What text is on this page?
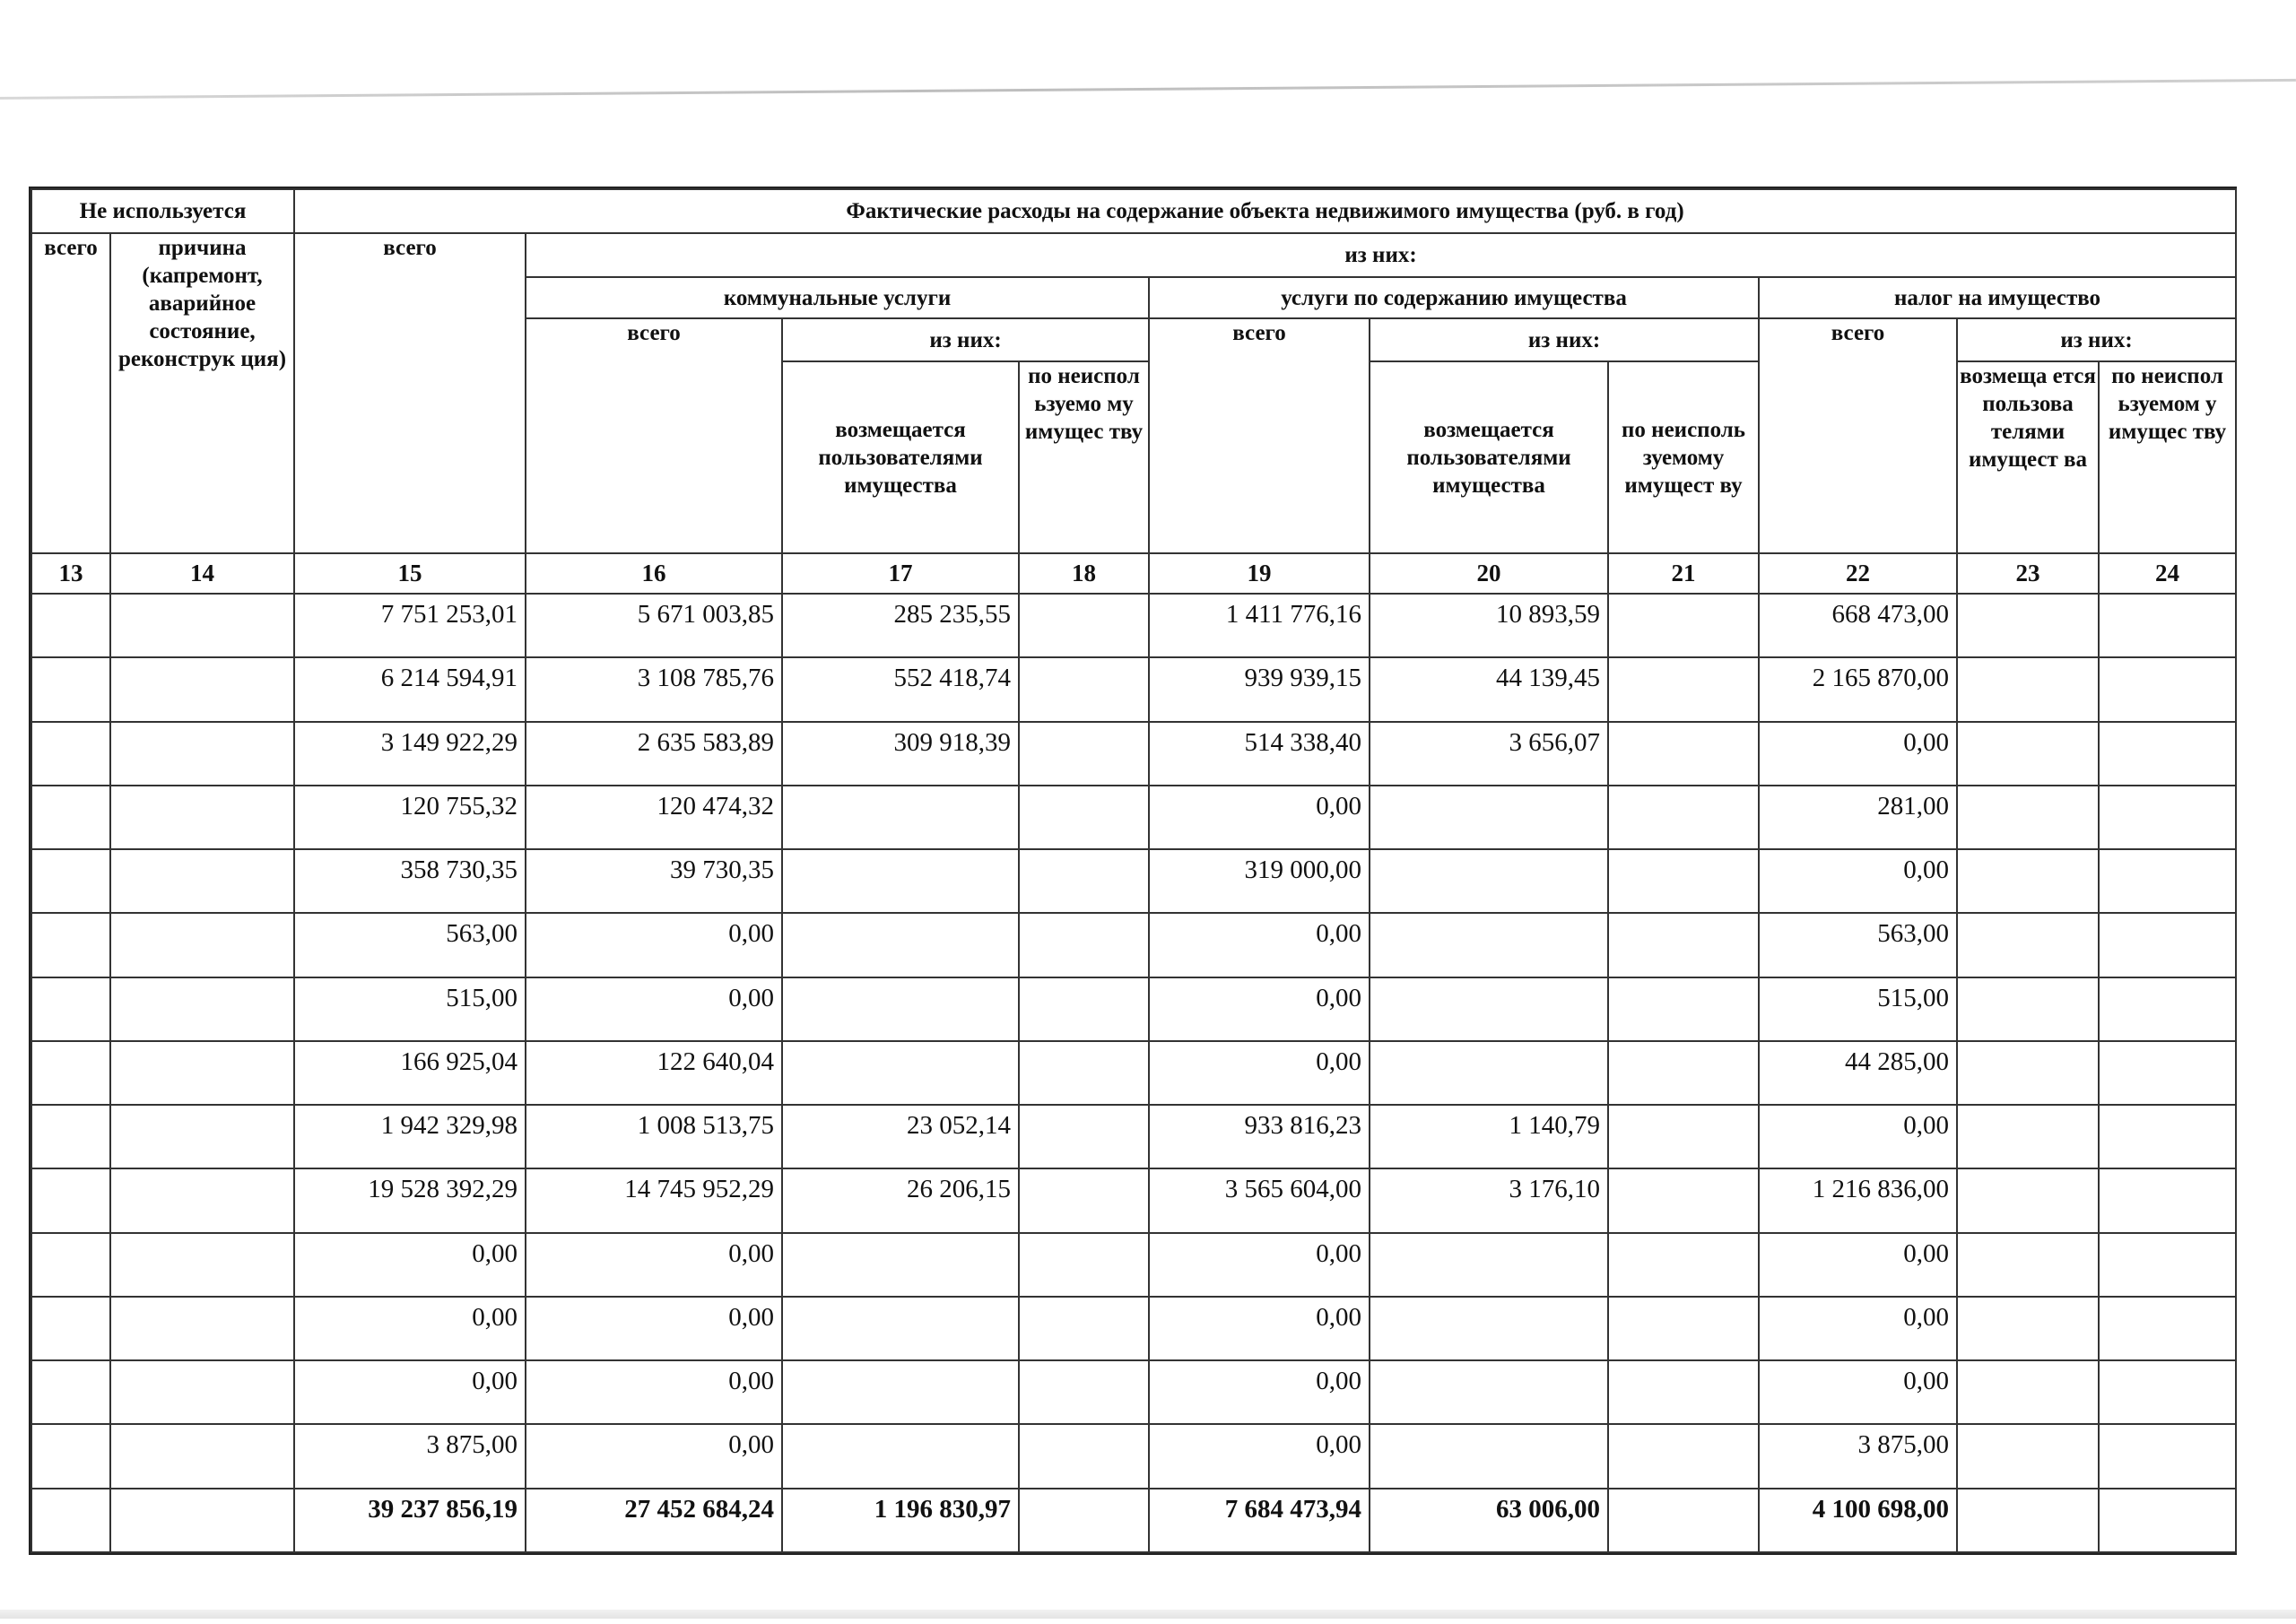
Не используется		Фактические расходы на содержание объекта недвижимого имущества (руб. в год)									
всего	причина (капремонт, аварийное состояние, реконструк ция)	всего	из них:								
			коммунальные услуги			услуги по содержанию имущества			налог на имущество		
			всего	из них:		всего	из них:		всего	из них:	
				возмещается пользователями имущества	по неиспол ьзуемо му имущес тву		возмещается пользователями имущества	по неисполь зуемому имущест ву		возмеща ется пользова телями имущест ва	по неиспол ьзуемом у имущес тву
13	14	15	16	17	18	19	20	21	22	23	24
		7 751 253,01	5 671 003,85	285 235,55		1 411 776,16	10 893,59		668 473,00		
		6 214 594,91	3 108 785,76	552 418,74		939 939,15	44 139,45		2 165 870,00		
		3 149 922,29	2 635 583,89	309 918,39		514 338,40	3 656,07		0,00		
		120 755,32	120 474,32			0,00			281,00		
		358 730,35	39 730,35			319 000,00			0,00		
		563,00	0,00			0,00			563,00		
		515,00	0,00			0,00			515,00		
		166 925,04	122 640,04			0,00			44 285,00		
		1 942 329,98	1 008 513,75	23 052,14		933 816,23	1 140,79		0,00		
		19 528 392,29	14 745 952,29	26 206,15		3 565 604,00	3 176,10		1 216 836,00		
		0,00	0,00			0,00			0,00		
		0,00	0,00			0,00			0,00		
		0,00	0,00			0,00			0,00		
		3 875,00	0,00			0,00			3 875,00		
		39 237 856,19	27 452 684,24	1 196 830,97		7 684 473,94	63 006,00		4 100 698,00		
